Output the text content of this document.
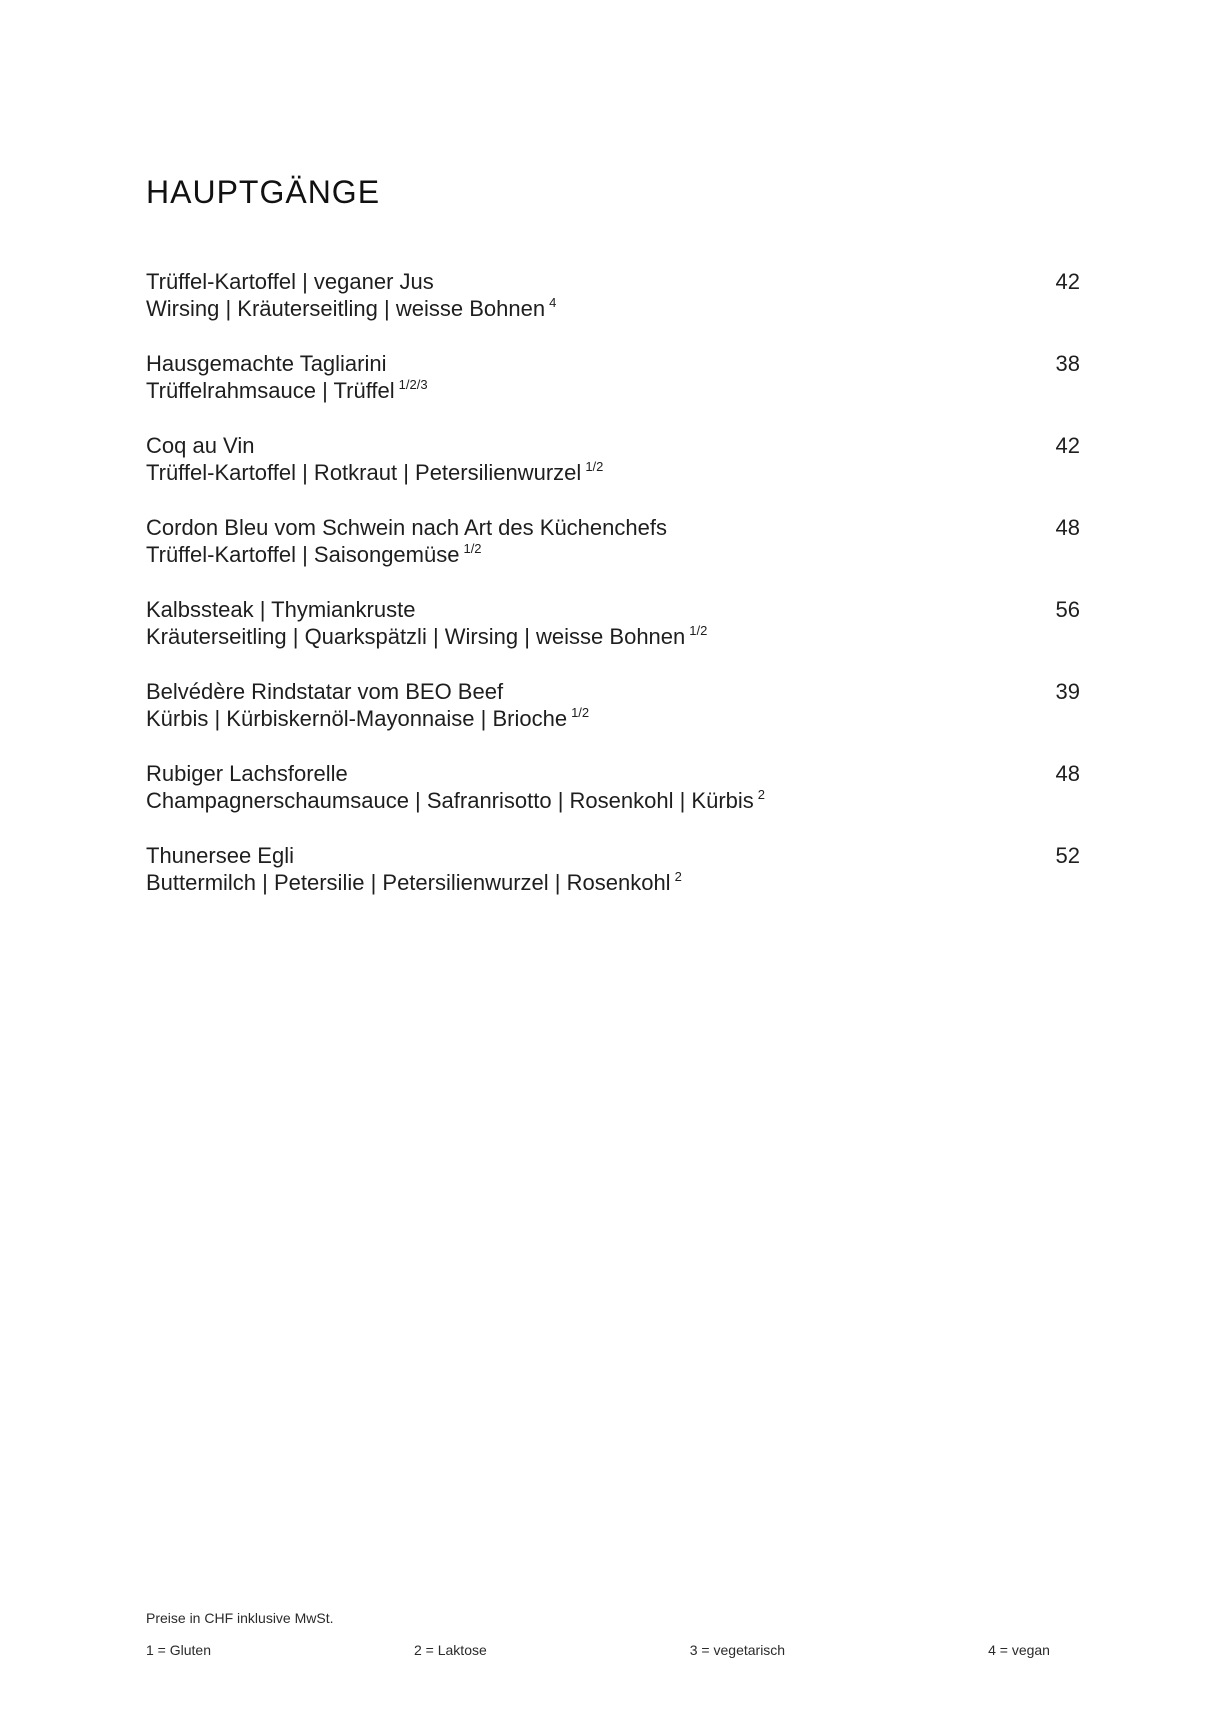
HAUPTGÄNGE
Trüffel-Kartoffel | veganer Jus
Wirsing | Kräuterseitling | weisse Bohnen $^4$
42
Hausgemachte Tagliarini
Trüffelrahmsauce | Trüffel $^{1/2/3}$
38
Coq au Vin
Trüffel-Kartoffel | Rotkraut | Petersilienwurzel $^{1/2}$
42
Cordon Bleu vom Schwein nach Art des Küchenchefs
Trüffel-Kartoffel | Saisongemüse $^{1/2}$
48
Kalbssteak | Thymiankruste
Kräuterseitling | Quarkspätzli | Wirsing | weisse Bohnen $^{1/2}$
56
Belvédère Rindstatar vom BEO Beef
Kürbis | Kürbiskernöl-Mayonnaise | Brioche $^{1/2}$
39
Rubiger Lachsforelle
Champagnerschaumsauce | Safranrisotto | Rosenkohl | Kürbis $^2$
48
Thunersee Egli
Buttermilch | Petersilie | Petersilienwurzel | Rosenkohl $^2$
52
Preise in CHF inklusive MwSt.
1 = Gluten	2 = Laktose	3 = vegetarisch	4 = vegan
